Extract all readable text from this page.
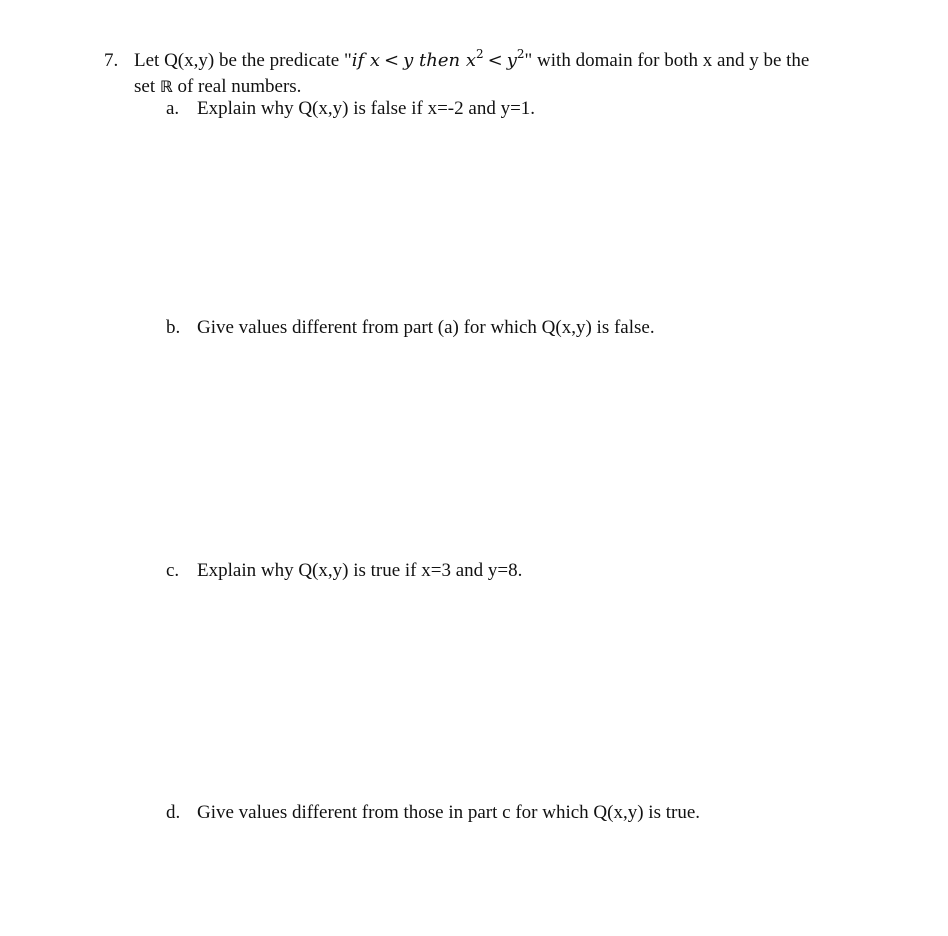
7. Let Q(x,y) be the predicate "if x < y then $x^2 < y^2$" with domain for both x and y be the
set ℝ of real numbers.
a. Explain why Q(x,y) is false if x=-2 and y=1.
b. Give values different from part (a) for which Q(x,y) is false.
c. Explain why Q(x,y) is true if x=3 and y=8.
d. Give values different from those in part c for which Q(x,y) is true.
